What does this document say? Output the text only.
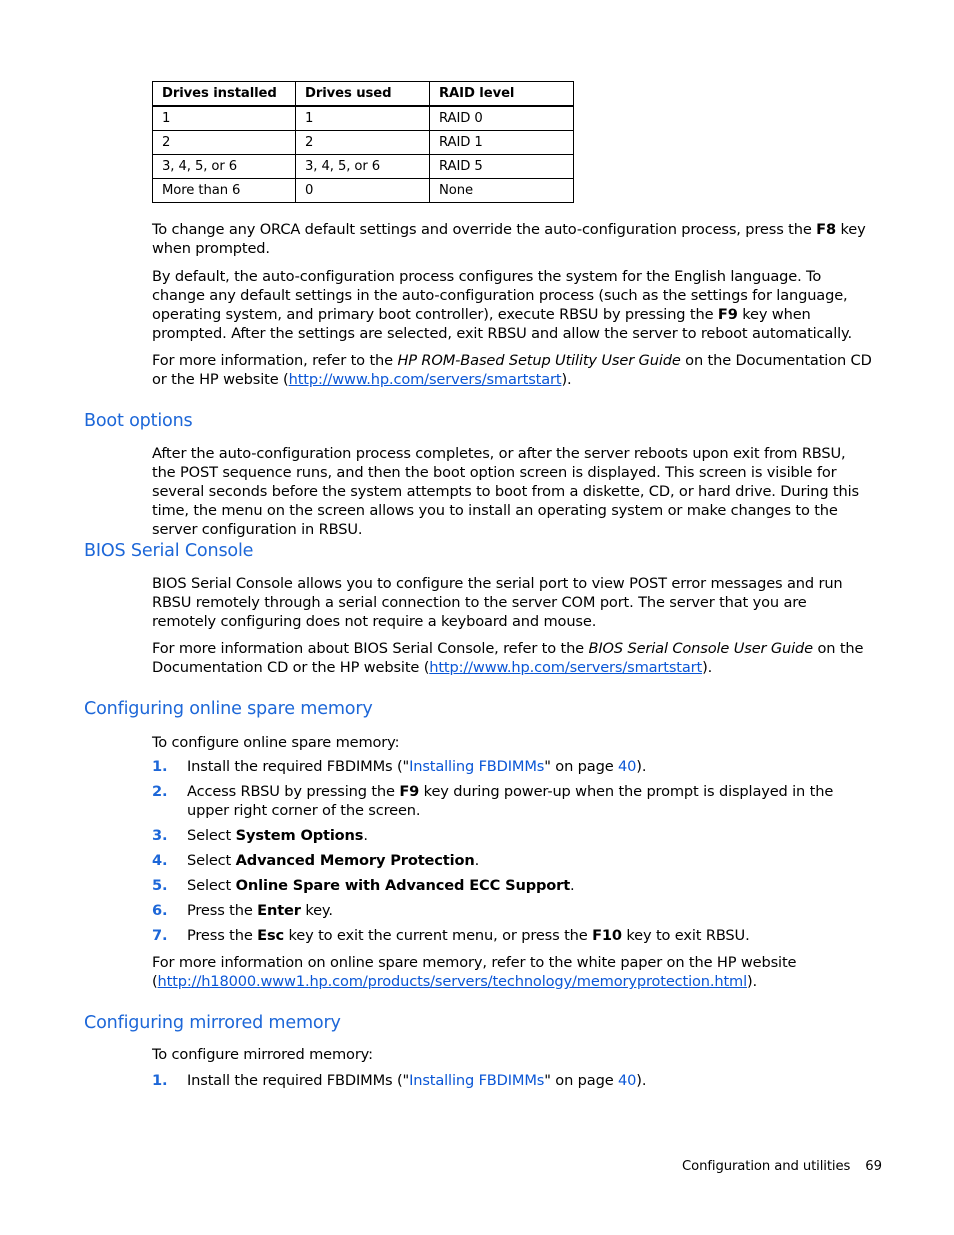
Drives installed	Drives used	RAID level
1	1	RAID 0
2	2	RAID 1
3, 4, 5, or 6	3, 4, 5, or 6	RAID 5
More than 6	0	None

To change any ORCA default settings and override the auto-configuration process, press the F8 key when prompted.

By default, the auto-configuration process configures the system for the English language. To change any default settings in the auto-configuration process (such as the settings for language, operating system, and primary boot controller), execute RBSU by pressing the F9 key when prompted. After the settings are selected, exit RBSU and allow the server to reboot automatically.

For more information, refer to the HP ROM-Based Setup Utility User Guide on the Documentation CD or the HP website (http://www.hp.com/servers/smartstart).

Boot options

After the auto-configuration process completes, or after the server reboots upon exit from RBSU, the POST sequence runs, and then the boot option screen is displayed. This screen is visible for several seconds before the system attempts to boot from a diskette, CD, or hard drive. During this time, the menu on the screen allows you to install an operating system or make changes to the server configuration in RBSU.

BIOS Serial Console

BIOS Serial Console allows you to configure the serial port to view POST error messages and run RBSU remotely through a serial connection to the server COM port. The server that you are remotely configuring does not require a keyboard and mouse.

For more information about BIOS Serial Console, refer to the BIOS Serial Console User Guide on the Documentation CD or the HP website (http://www.hp.com/servers/smartstart).

Configuring online spare memory

To configure online spare memory:

1. Install the required FBDIMMs ("Installing FBDIMMs" on page 40).
2. Access RBSU by pressing the F9 key during power-up when the prompt is displayed in the upper right corner of the screen.
3. Select System Options.
4. Select Advanced Memory Protection.
5. Select Online Spare with Advanced ECC Support.
6. Press the Enter key.
7. Press the Esc key to exit the current menu, or press the F10 key to exit RBSU.

For more information on online spare memory, refer to the white paper on the HP website (http://h18000.www1.hp.com/products/servers/technology/memoryprotection.html).

Configuring mirrored memory

To configure mirrored memory:

1. Install the required FBDIMMs ("Installing FBDIMMs" on page 40).
Configuration and utilities 69
